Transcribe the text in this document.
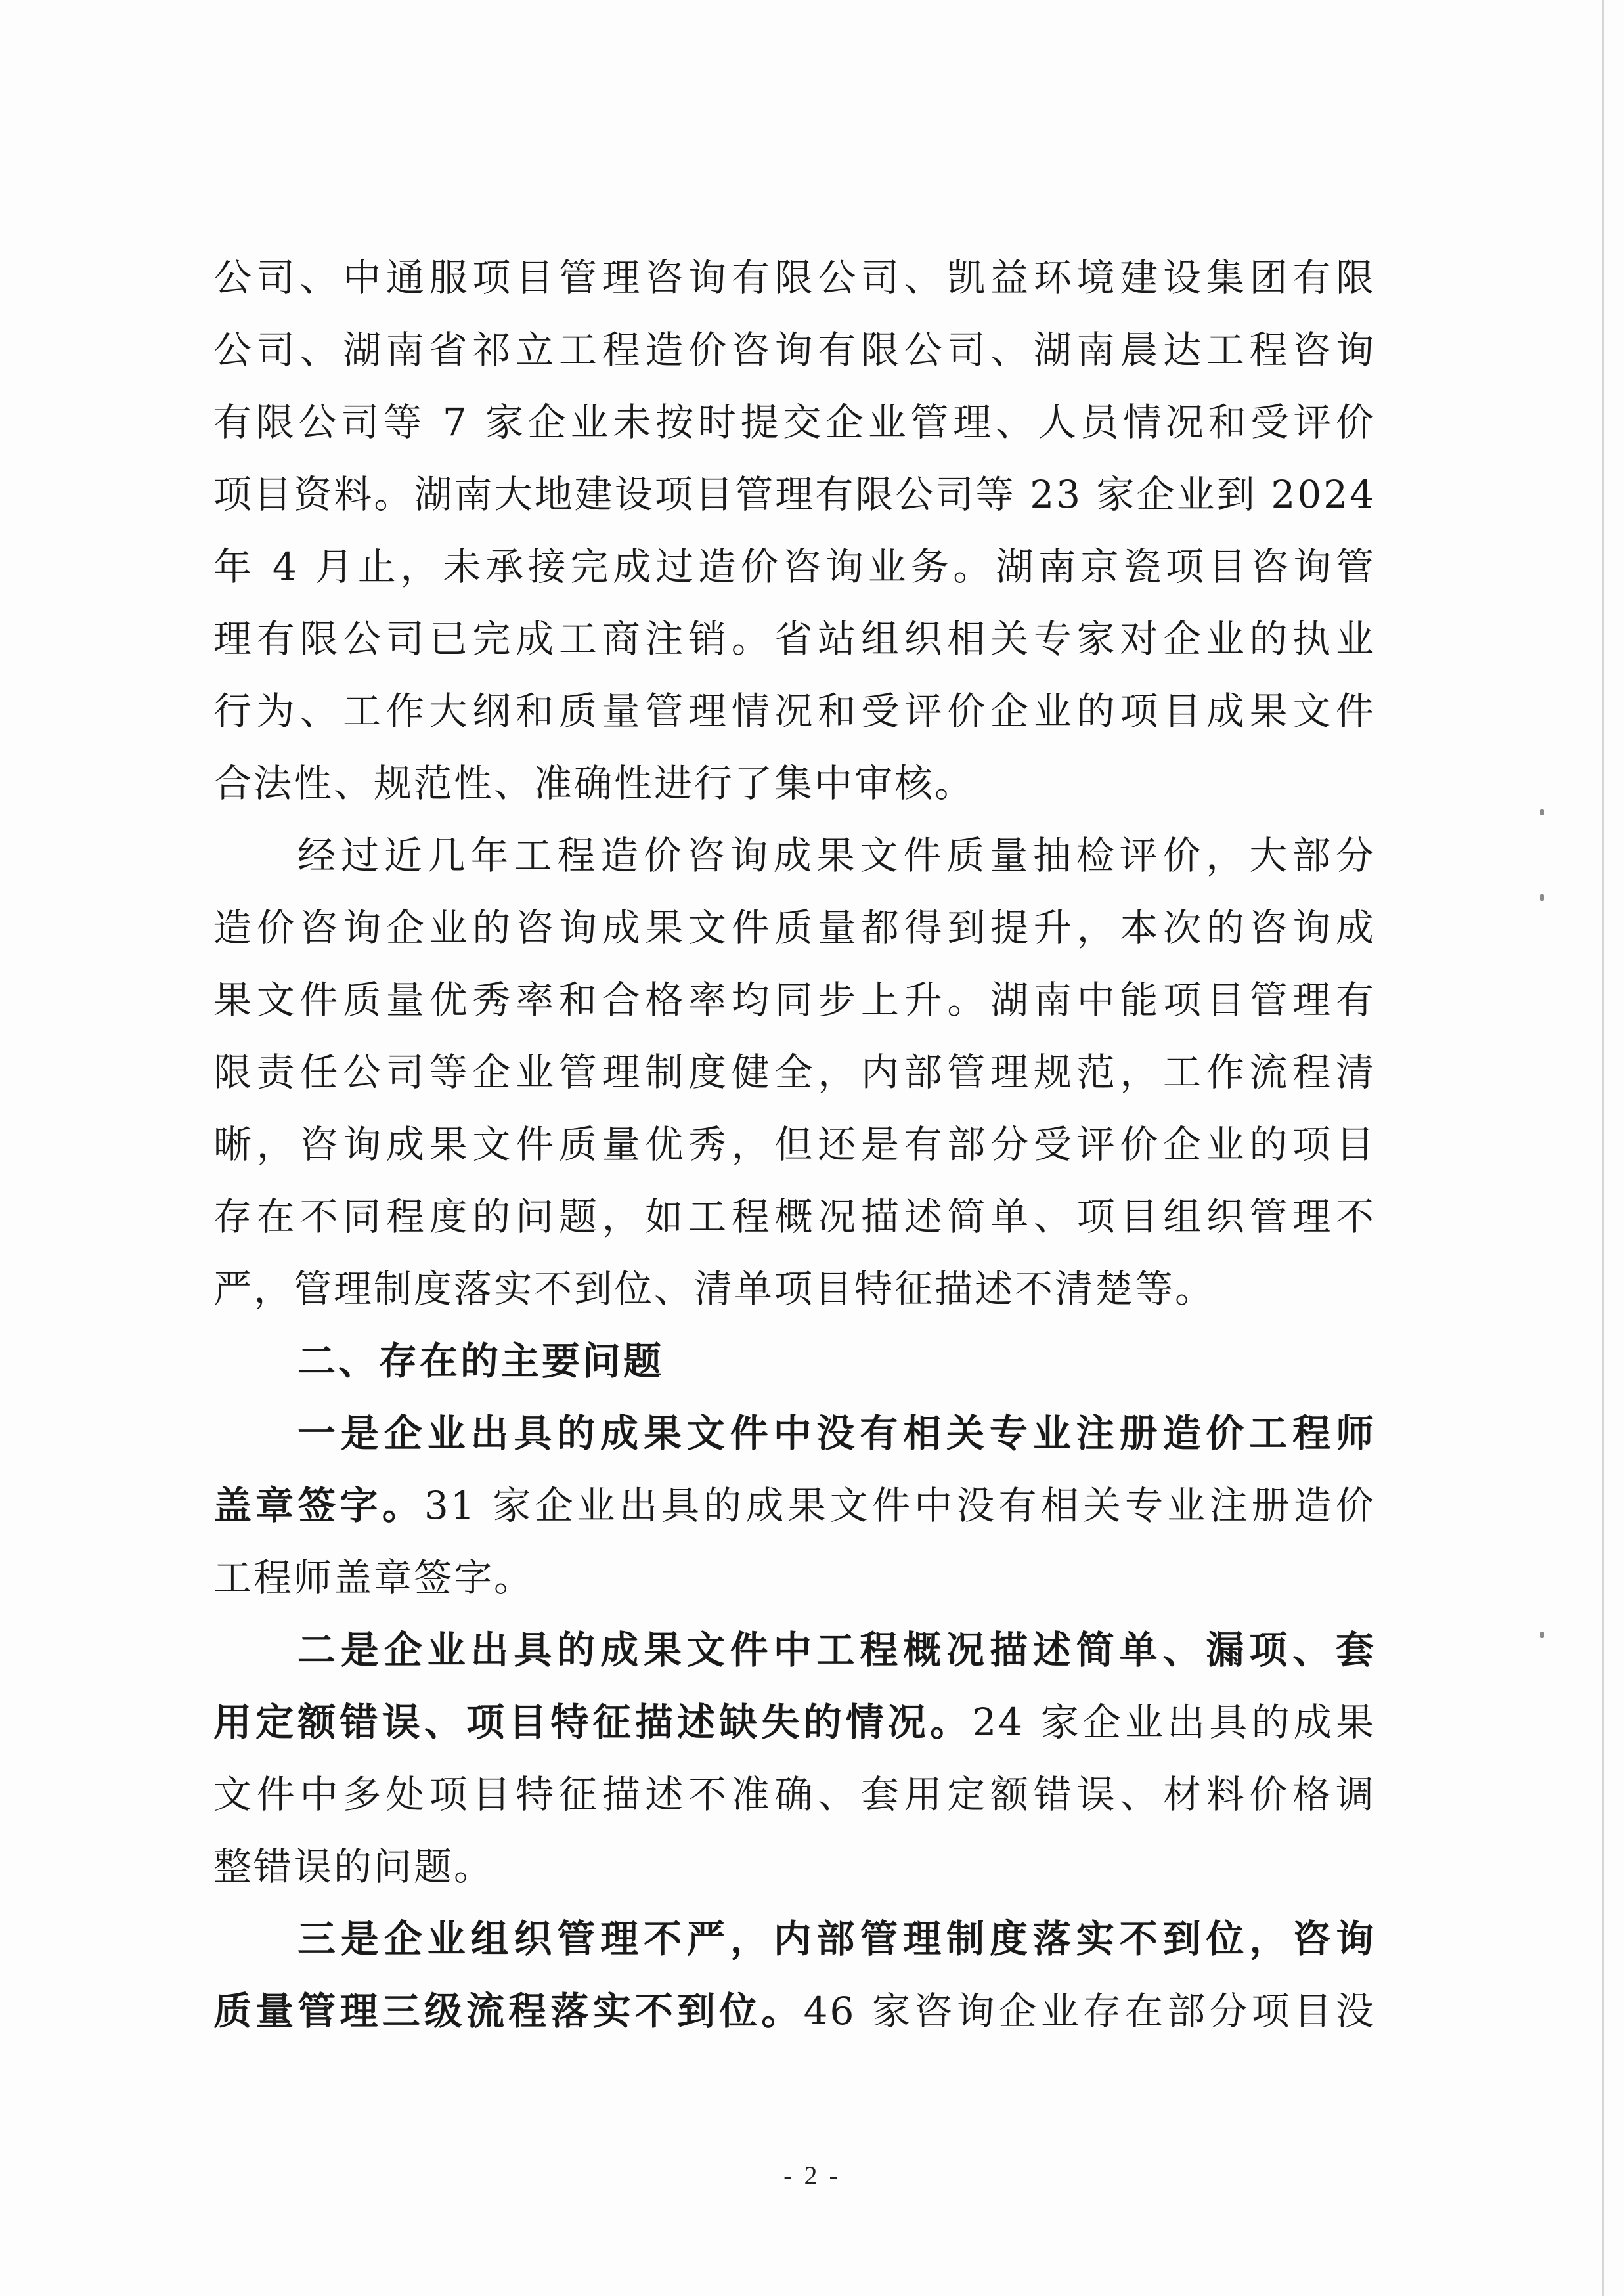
公司、中通服项目管理咨询有限公司、凯益环境建设集团有限
公司、湖南省祁立工程造价咨询有限公司、湖南晨达工程咨询
有限公司等 7 家企业未按时提交企业管理、人员情况和受评价
项目资料。湖南大地建设项目管理有限公司等 23 家企业到 2024
年 4 月止，未承接完成过造价咨询业务。湖南京瓷项目咨询管
理有限公司已完成工商注销。省站组织相关专家对企业的执业
行为、工作大纲和质量管理情况和受评价企业的项目成果文件
合法性、规范性、准确性进行了集中审核。
经过近几年工程造价咨询成果文件质量抽检评价，大部分
造价咨询企业的咨询成果文件质量都得到提升，本次的咨询成
果文件质量优秀率和合格率均同步上升。湖南中能项目管理有
限责任公司等企业管理制度健全，内部管理规范，工作流程清
晰，咨询成果文件质量优秀，但还是有部分受评价企业的项目
存在不同程度的问题，如工程概况描述简单、项目组织管理不
严，管理制度落实不到位、清单项目特征描述不清楚等。
二、存在的主要问题
一是企业出具的成果文件中没有相关专业注册造价工程师
盖章签字。31 家企业出具的成果文件中没有相关专业注册造价
工程师盖章签字。
二是企业出具的成果文件中工程概况描述简单、漏项、套
用定额错误、项目特征描述缺失的情况。24 家企业出具的成果
文件中多处项目特征描述不准确、套用定额错误、材料价格调
整错误的问题。
三是企业组织管理不严，内部管理制度落实不到位，咨询
质量管理三级流程落实不到位。46 家咨询企业存在部分项目没
- 2 -
